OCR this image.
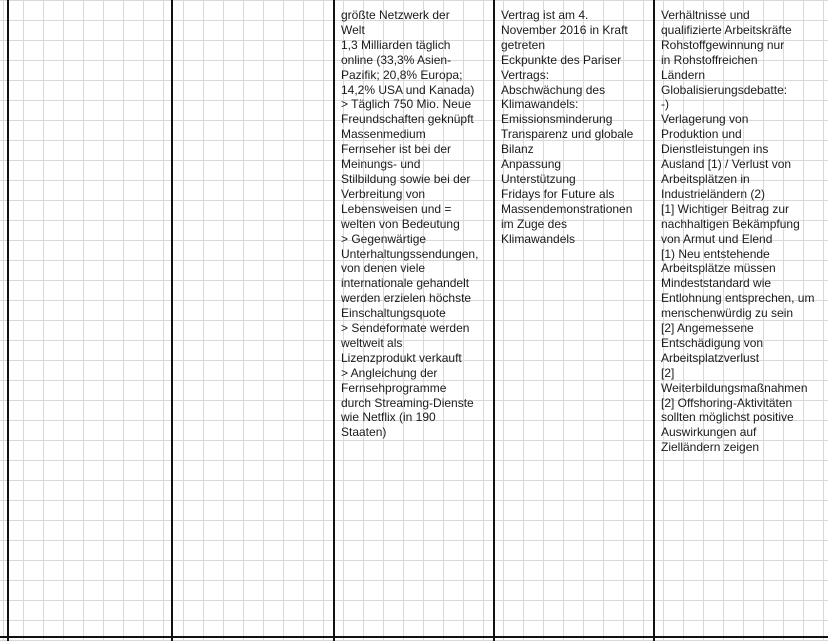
größte Netzwerk der
Welt
1,3 Milliarden täglich
online (33,3% Asien-
Pazifik; 20,8% Europa;
14,2% USA und Kanada)
> Täglich 750 Mio. Neue
Freundschaften geknüpft
Massenmedium
Fernseher ist bei der
Meinungs- und
Stilbildung sowie bei der
Verbreitung von
Lebensweisen und =
welten von Bedeutung
> Gegenwärtige
Unterhaltungssendungen,
von denen viele
internationale gehandelt
werden erzielen höchste
Einschaltungsquote
> Sendeformate werden
weltweit als
Lizenzprodukt verkauft
> Angleichung der
Fernsehprogramme
durch Streaming-Dienste
wie Netflix (in 190
Staaten)
Vertrag ist am 4.
November 2016 in Kraft
getreten
Eckpunkte des Pariser
Vertrags:
Abschwächung des
Klimawandels:
Emissionsminderung
Transparenz und globale
Bilanz
Anpassung
Unterstützung
Fridays for Future als
Massendemonstrationen
im Zuge des
Klimawandels
Verhältnisse und
qualifizierte Arbeitskräfte
Rohstoffgewinnung nur
in Rohstoffreichen
Ländern
Globalisierungsdebatte:
-)
Verlagerung von
Produktion und
Dienstleistungen ins
Ausland [1) / Verlust von
Arbeitsplätzen in
Industrieländern (2)
[1] Wichtiger Beitrag zur
nachhaltigen Bekämpfung
von Armut und Elend
[1) Neu entstehende
Arbeitsplätze müssen
Mindeststandard wie
Entlohnung entsprechen, um
menschenwürdig zu sein
[2] Angemessene
Entschädigung von
Arbeitsplatzverlust
[2]
Weiterbildungsmaßnahmen
[2] Offshoring-Aktivitäten
sollten möglichst positive
Auswirkungen auf
Zielländern zeigen
